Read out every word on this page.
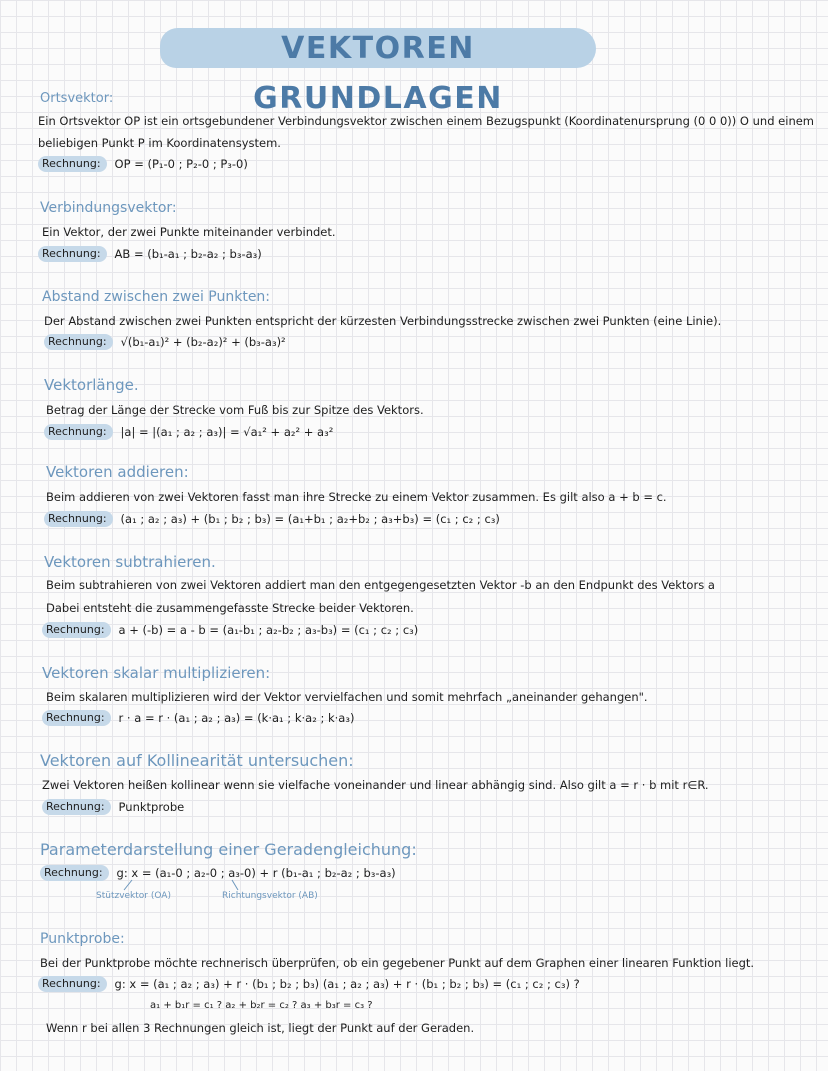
VEKTOREN GRUNDLAGEN
Ortsvektor:
Ein Ortsvektor OP ist ein ortsgebundener Verbindungsvektor zwischen einem Bezugspunkt (Koordinatenursprung (0 0 0)) O und einem
beliebigen Punkt P im Koordinatensystem.
Rechnung:	OP = (P₁-0 ; P₂-0 ; P₃-0)
Verbindungsvektor:
Ein Vektor, der zwei Punkte miteinander verbindet.
Rechnung:	AB = (b₁-a₁ ; b₂-a₂ ; b₃-a₃)
Abstand zwischen zwei Punkten:
Der Abstand zwischen zwei Punkten entspricht der kürzesten Verbindungsstrecke zwischen zwei Punkten (eine Linie).
Rechnung:	√(b₁-a₁)² + (b₂-a₂)² + (b₃-a₃)²
Vektorlänge.
Betrag der Länge der Strecke vom Fuß bis zur Spitze des Vektors.
Rechnung:	|a| = |(a₁ ; a₂ ; a₃)| = √a₁² + a₂² + a₃²
Vektoren addieren:
Beim addieren von zwei Vektoren fasst man ihre Strecke zu einem Vektor zusammen. Es gilt also a + b = c.
Rechnung:	(a₁ ; a₂ ; a₃) + (b₁ ; b₂ ; b₃) = (a₁+b₁ ; a₂+b₂ ; a₃+b₃) = (c₁ ; c₂ ; c₃)
Vektoren subtrahieren.
Beim subtrahieren von zwei Vektoren addiert man den entgegengesetzten Vektor -b an den Endpunkt des Vektors a
Dabei entsteht die zusammengefasste Strecke beider Vektoren.
Rechnung:	a + (-b) = a - b = (a₁-b₁ ; a₂-b₂ ; a₃-b₃) = (c₁ ; c₂ ; c₃)
Vektoren skalar multiplizieren:
Beim skalaren multiplizieren wird der Vektor vervielfachen und somit mehrfach „aneinander gehangen".
Rechnung:	r · a = r · (a₁ ; a₂ ; a₃) = (k·a₁ ; k·a₂ ; k·a₃)
Vektoren auf Kollinearität untersuchen:
Zwei Vektoren heißen kollinear wenn sie vielfache voneinander und linear abhängig sind. Also gilt a = r · b mit r∈R.
Rechnung:	Punktprobe
Parameterdarstellung einer Geradengleichung:
Rechnung:	g: x = (a₁-0 ; a₂-0 ; a₃-0) + r (b₁-a₁ ; b₂-a₂ ; b₃-a₃)
Stützvektor (OA)	Richtungsvektor (AB)
Punktprobe:
Bei der Punktprobe möchte rechnerisch überprüfen, ob ein gegebener Punkt auf dem Graphen einer linearen Funktion liegt.
Rechnung:	g: x = (a₁ ; a₂ ; a₃) + r · (b₁ ; b₂ ; b₃) (a₁ ; a₂ ; a₃) + r · (b₁ ; b₂ ; b₃) = (c₁ ; c₂ ; c₃) ?
a₁ + b₁r = c₁ ? a₂ + b₂r = c₂ ? a₃ + b₃r = c₃ ?
Wenn r bei allen 3 Rechnungen gleich ist, liegt der Punkt auf der Geraden.
